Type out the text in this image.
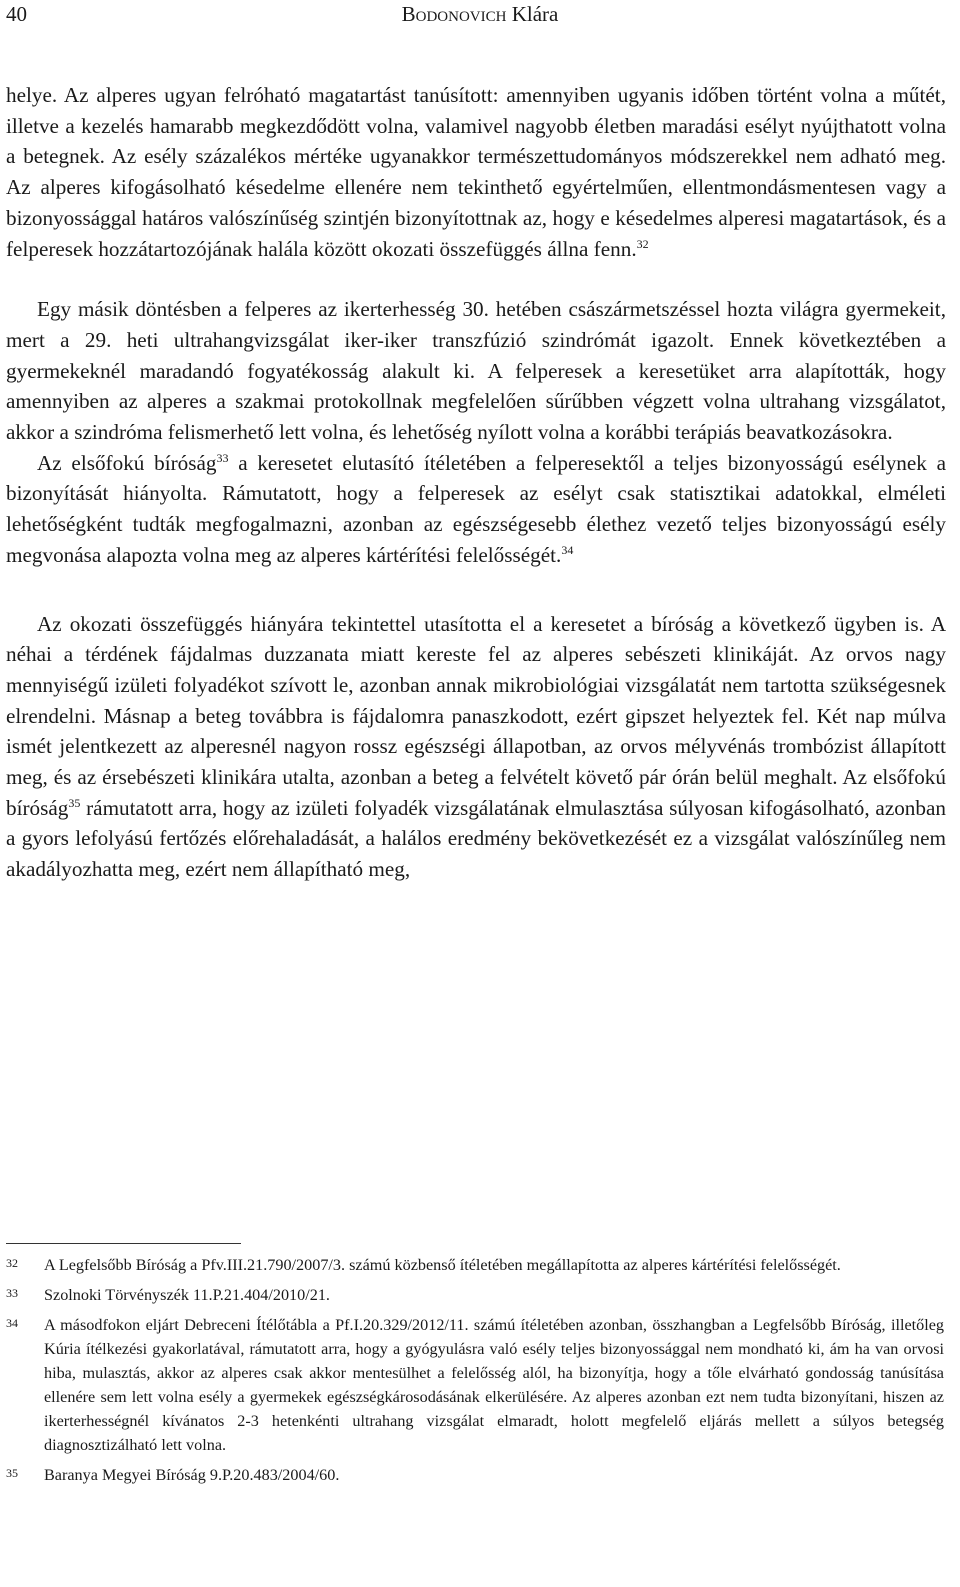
40	Bodonovich Klára

helye. Az alperes ugyan felróható magatartást tanúsított: amennyiben ugyanis időben történt volna a műtét, illetve a kezelés hamarabb megkezdődött volna, valamivel nagyobb életben maradási esélyt nyújthatott volna a betegnek. Az esély százalékos mértéke ugyanakkor természettudományos módszerekkel nem adható meg. Az alperes kifogásolható késedelme ellenére nem tekinthető egyértelműen, ellentmondásmentesen vagy a bizonyossággal határos valószínűség szintjén bizonyítottnak az, hogy e késedelmes alperesi magatartások, és a felperesek hozzátartozójának halála között okozati összefüggés állna fenn.$^{32}$

Egy másik döntésben a felperes az ikerterhesség 30. hetében császármetszéssel hozta világra gyermekeit, mert a 29. heti ultrahangvizsgálat iker-iker transzfúzió szindrómát igazolt. Ennek következtében a gyermekeknél maradandó fogyatékosság alakult ki. A felperesek a keresetüket arra alapították, hogy amennyiben az alperes a szakmai protokollnak megfelelően sűrűbben végzett volna ultrahang vizsgálatot, akkor a szindróma felismerhető lett volna, és lehetőség nyílott volna a korábbi terápiás beavatkozásokra.

Az elsőfokú bíróság$^{33}$ a keresetet elutasító ítéletében a felperesektől a teljes bizonyosságú esélynek a bizonyítását hiányolta. Rámutatott, hogy a felperesek az esélyt csak statisztikai adatokkal, elméleti lehetőségként tudták megfogalmazni, azonban az egészségesebb élethez vezető teljes bizonyosságú esély megvonása alapozta volna meg az alperes kártérítési felelősségét.$^{34}$

Az okozati összefüggés hiányára tekintettel utasította el a keresetet a bíróság a következő ügyben is. A néhai a térdének fájdalmas duzzanata miatt kereste fel az alperes sebészeti klinikáját. Az orvos nagy mennyiségű izületi folyadékot szívott le, azonban annak mikrobiológiai vizsgálatát nem tartotta szükségesnek elrendelni. Másnap a beteg továbbra is fájdalomra panaszkodott, ezért gipszet helyeztek fel. Két nap múlva ismét jelentkezett az alperesnél nagyon rossz egészségi állapotban, az orvos mélyvénás trombózist állapított meg, és az érsebészeti klinikára utalta, azonban a beteg a felvételt követő pár órán belül meghalt. Az elsőfokú bíróság$^{35}$ rámutatott arra, hogy az izületi folyadék vizsgálatának elmulasztása súlyosan kifogásolható, azonban a gyors lefolyású fertőzés előrehaladását, a halálos eredmény bekövetkezését ez a vizsgálat valószínűleg nem akadályozhatta meg, ezért nem állapítható meg,

32	A Legfelsőbb Bíróság a Pfv.III.21.790/2007/3. számú közbenső ítéletében megállapította az alperes kártérítési felelősségét.
33	Szolnoki Törvényszék 11.P.21.404/2010/21.
34	A másodfokon eljárt Debreceni Ítélőtábla a Pf.I.20.329/2012/11. számú ítéletében azonban, összhangban a Legfelsőbb Bíróság, illetőleg Kúria ítélkezési gyakorlatával, rámutatott arra, hogy a gyógyulásra való esély teljes bizonyossággal nem mondható ki, ám ha van orvosi hiba, mulasztás, akkor az alperes csak akkor mentesülhet a felelősség alól, ha bizonyítja, hogy a tőle elvárható gondosság tanúsítása ellenére sem lett volna esély a gyermekek egészségkárosodásának elkerülésére. Az alperes azonban ezt nem tudta bizonyítani, hiszen az ikerterhességnél kívánatos 2-3 hetenkénti ultrahang vizsgálat elmaradt, holott megfelelő eljárás mellett a súlyos betegség diagnosztizálható lett volna.
35	Baranya Megyei Bíróság 9.P.20.483/2004/60.
